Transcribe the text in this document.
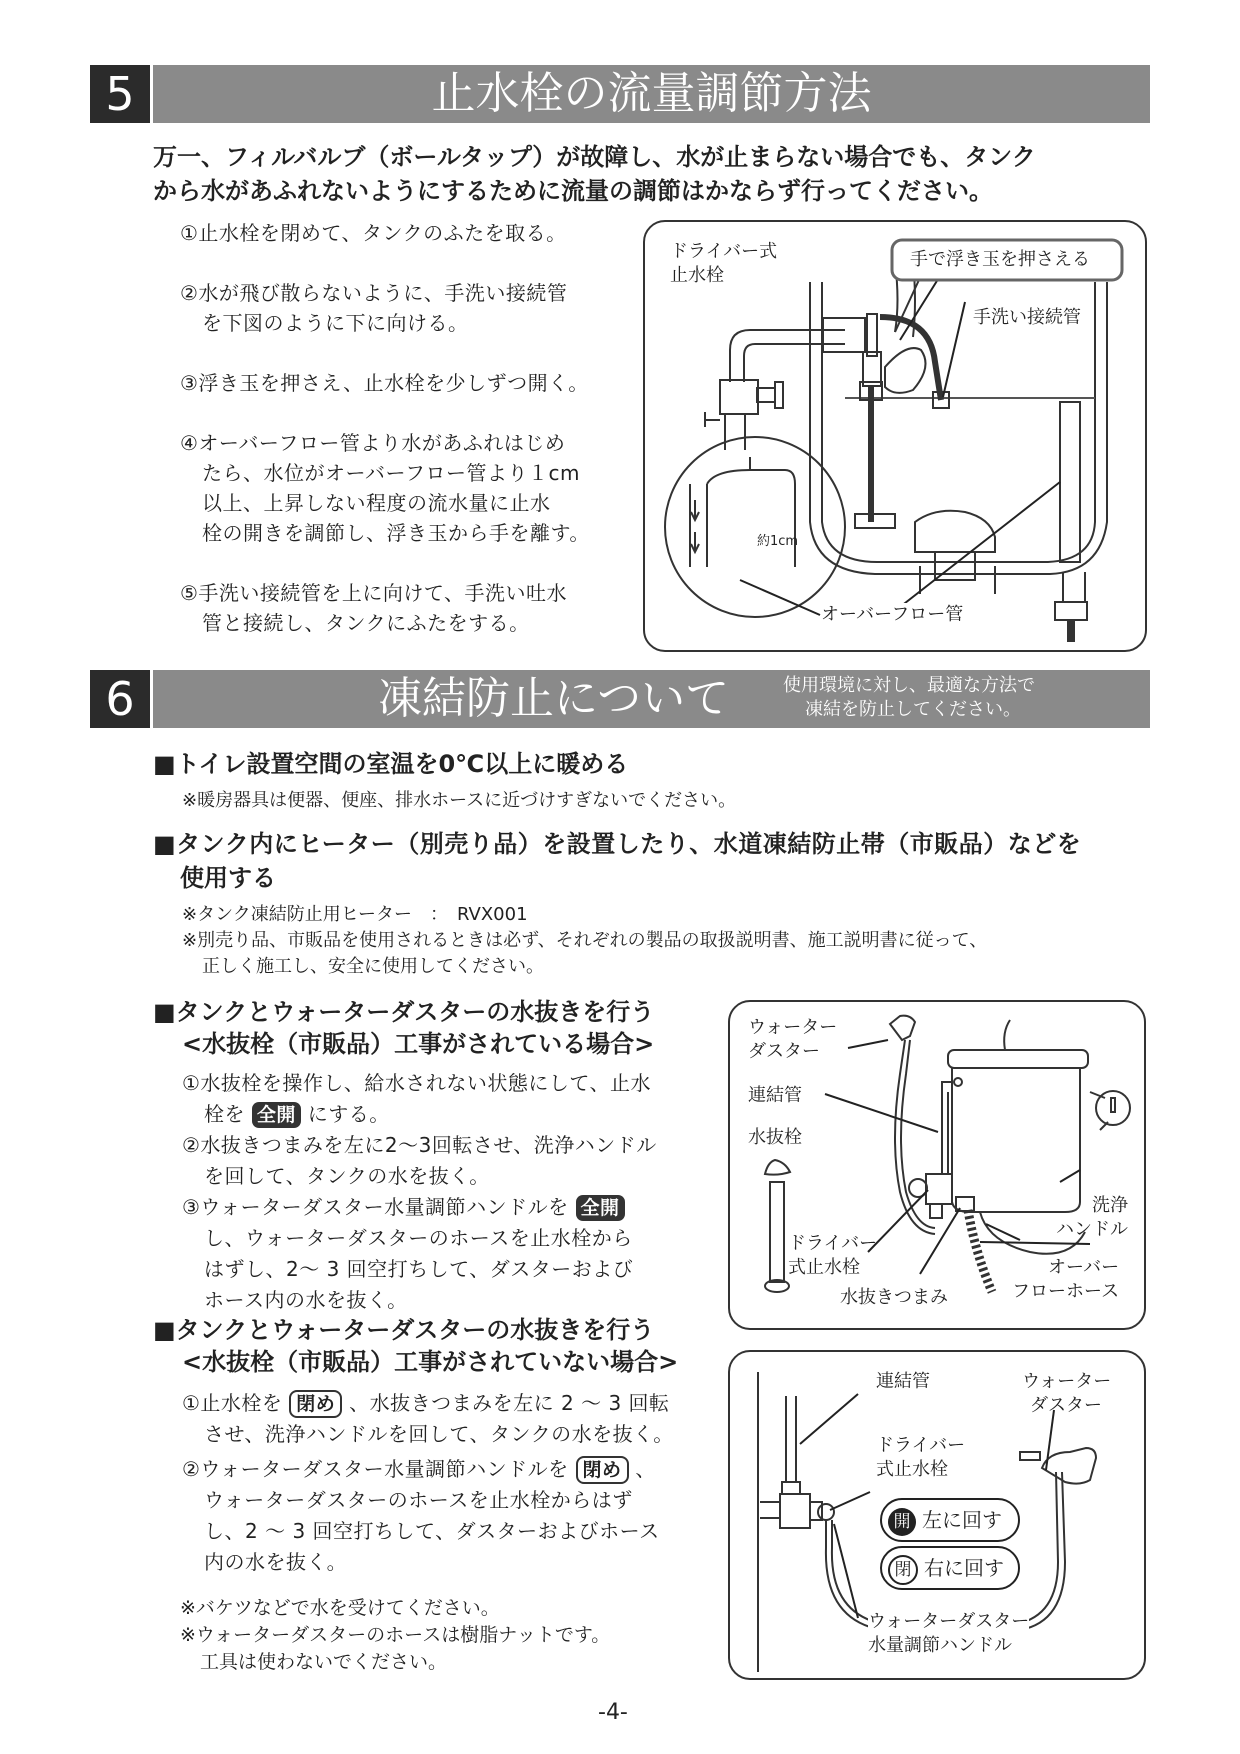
5	止水栓の流量調節方法
万一、フィルバルブ（ボールタップ）が故障し、水が止まらない場合でも、タンク
から水があふれないようにするために流量の調節はかならず行ってください。
①止水栓を閉めて、タンクのふたを取る。
②水が飛び散らないように、手洗い接続管
を下図のように下に向ける。
③浮き玉を押さえ、止水栓を少しずつ開く。
④オーバーフロー管より水があふれはじめ
たら、水位がオーバーフロー管より１cm
以上、上昇しない程度の流水量に止水
栓の開きを調節し、浮き玉から手を離す。
⑤手洗い接続管を上に向けて、手洗い吐水
管と接続し、タンクにふたをする。
ドライバー式
止水栓
手で浮き玉を押さえる
手洗い接続管
約1cm
オーバーフロー管
6	凍結防止について	使用環境に対し、最適な方法で
凍結を防止してください。
■トイレ設置空間の室温を0℃以上に暖める
※暖房器具は便器、便座、排水ホースに近づけすぎないでください。
■タンク内にヒーター（別売り品）を設置したり、水道凍結防止帯（市販品）などを
使用する
※タンク凍結防止用ヒーター　：　RVX001
※別売り品、市販品を使用されるときは必ず、それぞれの製品の取扱説明書、施工説明書に従って、
正しく施工し、安全に使用してください。
■タンクとウォーターダスターの水抜きを行う
<水抜栓（市販品）工事がされている場合>
①水抜栓を操作し、給水されない状態にして、止水
栓を 全開 にする。
②水抜きつまみを左に2～3回転させ、洗浄ハンドル
を回して、タンクの水を抜く。
③ウォーターダスター水量調節ハンドルを 全開
し、ウォーターダスターのホースを止水栓から
はずし、2～ 3 回空打ちして、ダスターおよび
ホース内の水を抜く。
ウォーター
ダスター
連結管
水抜栓
ドライバー
式止水栓
水抜きつまみ
洗浄
ハンドル
オーバー
フローホース
■タンクとウォーターダスターの水抜きを行う
<水抜栓（市販品）工事がされていない場合>
①止水栓を 閉め 、水抜きつまみを左に 2 ～ 3 回転
させ、洗浄ハンドルを回して、タンクの水を抜く。
②ウォーターダスター水量調節ハンドルを 閉め 、
ウォーターダスターのホースを止水栓からはず
し、2 ～ 3 回空打ちして、ダスターおよびホース
内の水を抜く。
※バケツなどで水を受けてください。
※ウォーターダスターのホースは樹脂ナットです。
工具は使わないでください。
連結管	ウォーター
ダスター
ドライバー
式止水栓
開 左に回す
閉 右に回す
ウォーターダスター
水量調節ハンドル
-4-
